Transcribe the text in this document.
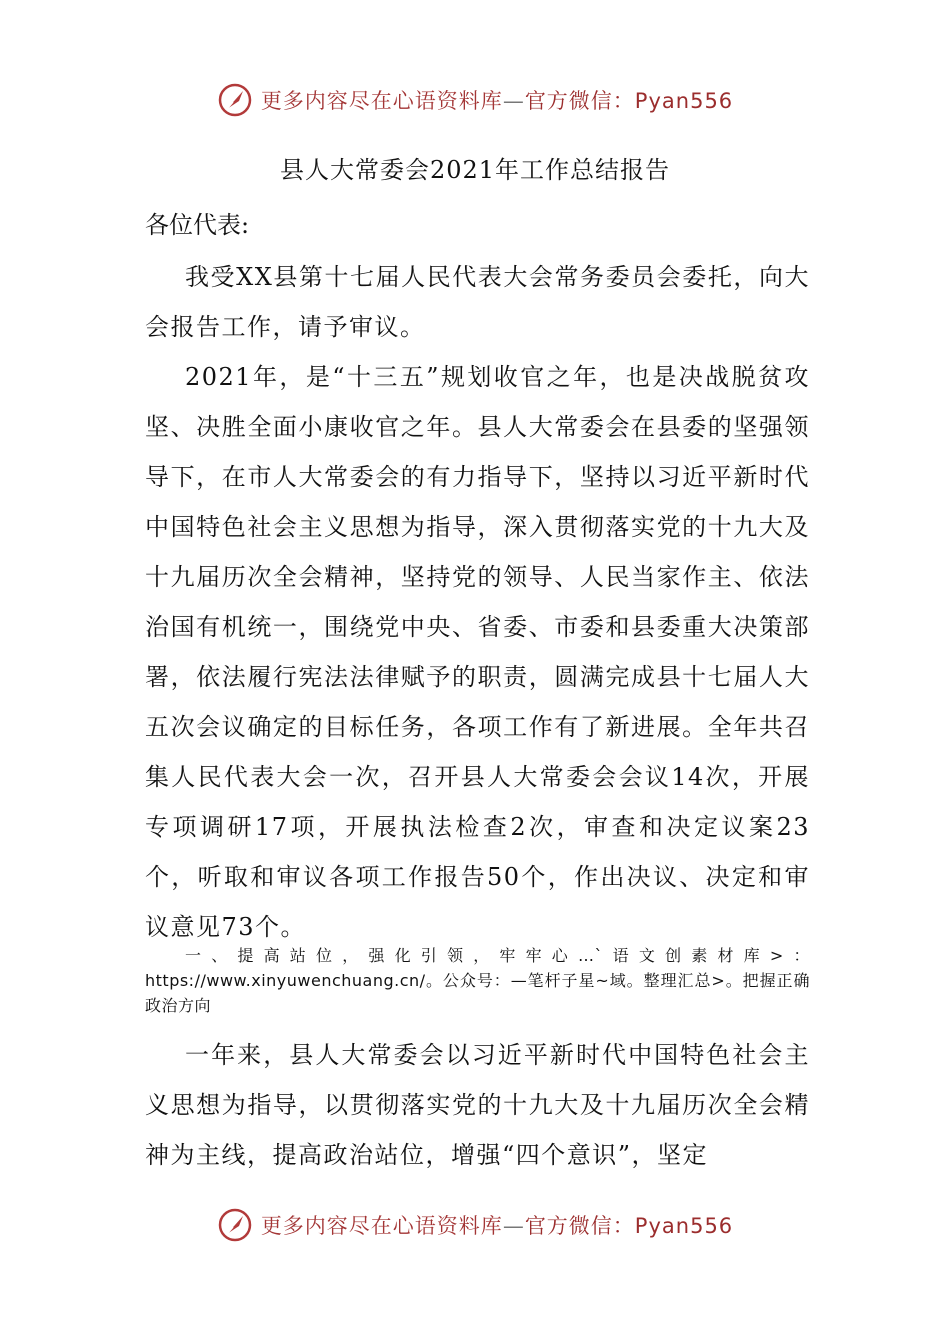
更多内容尽在心语资料库—官方微信：Pyan556
县人大常委会2021年工作总结报告
各位代表:

我受XX县第十七届人民代表大会常务委员会委托，向大会报告工作，请予审议。

2021年，是“十三五”规划收官之年，也是决战脱贫攻坚、决胜全面小康收官之年。县人大常委会在县委的坚强领导下，在市人大常委会的有力指导下，坚持以习近平新时代中国特色社会主义思想为指导，深入贯彻落实党的十九大及十九届历次全会精神，坚持党的领导、人民当家作主、依法治国有机统一，围绕党中央、省委、市委和县委重大决策部署，依法履行宪法法律赋予的职责，圆满完成县十七届人大五次会议确定的目标任务，各项工作有了新进展。全年共召集人民代表大会一次，召开县人大常委会会议14次，开展专项调研17项，开展执法检查2次，审查和决定议案23个，听取和审议各项工作报告50个，作出决议、决定和审议意见73个。

一、提高站位，强化引领，牢牢心…`语文创素材库>：https://www.xinyuwenchuang.cn/。公众号：—笔杆子星~域。整理汇总>。把握正确政治方向

一年来，县人大常委会以习近平新时代中国特色社会主义思想为指导，以贯彻落实党的十九大及十九届历次全会精神为主线，提高政治站位，增强“四个意识”，坚定

更多内容尽在心语资料库—官方微信：Pyan556
